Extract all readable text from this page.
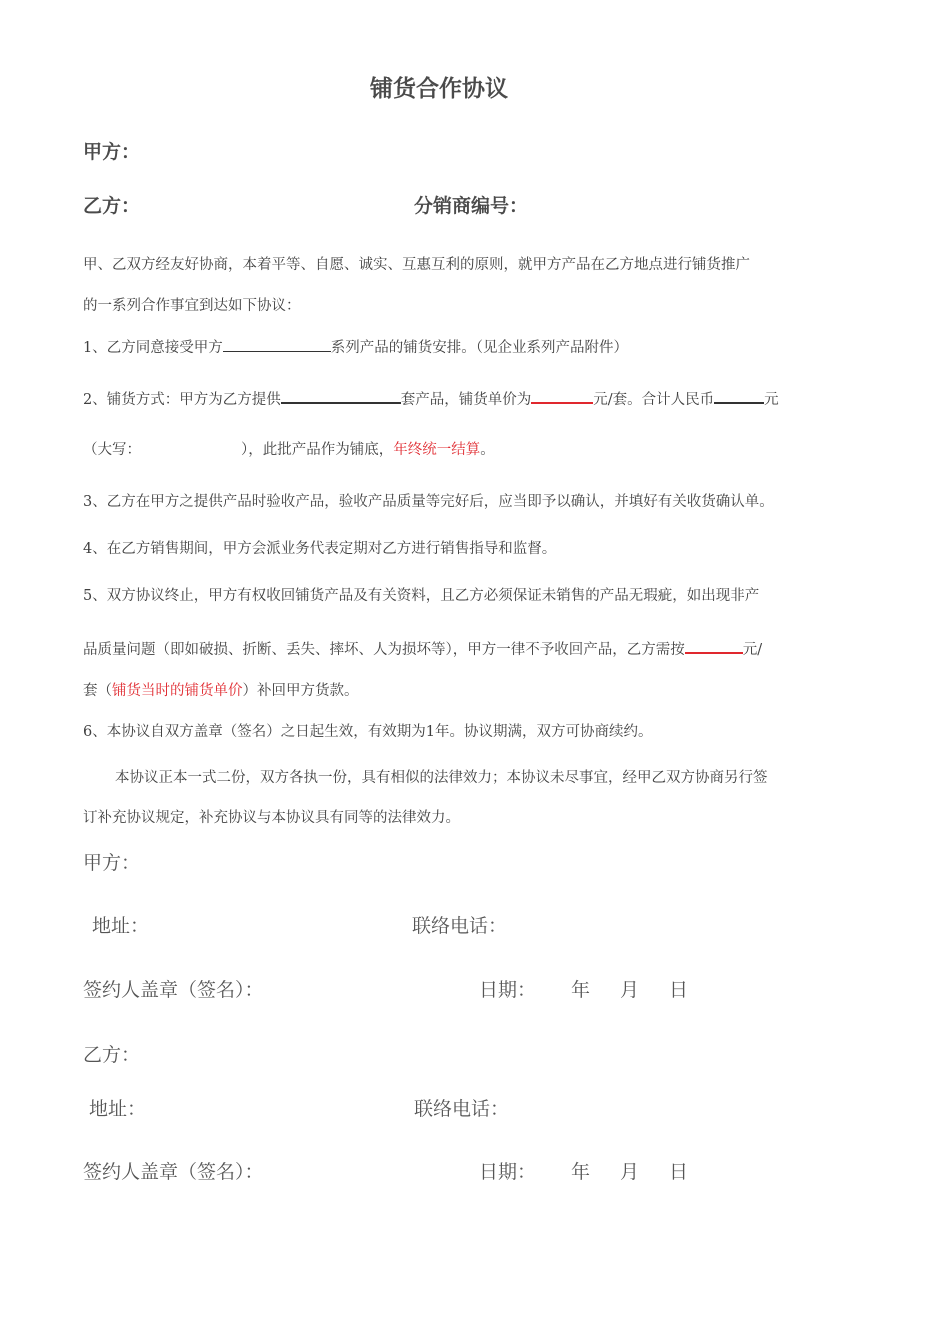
铺货合作协议
甲方：
乙方：	分销商编号：
甲、乙双方经友好协商，本着平等、自愿、诚实、互惠互利的原则，就甲方产品在乙方地点进行铺货推广
的一系列合作事宜到达如下协议：
1、乙方同意接受甲方	系列产品的铺货安排。（见企业系列产品附件）
2、铺货方式：甲方为乙方提供	套产品，铺货单价为	元/套。合计人民币	元
（大写：	），此批产品作为铺底，年终统一结算。
3、乙方在甲方之提供产品时验收产品，验收产品质量等完好后，应当即予以确认，并填好有关收货确认单。
4、在乙方销售期间，甲方会派业务代表定期对乙方进行销售指导和监督。
5、双方协议终止，甲方有权收回铺货产品及有关资料，且乙方必须保证未销售的产品无瑕疵，如出现非产
品质量问题（即如破损、折断、丢失、摔坏、人为损坏等），甲方一律不予收回产品，乙方需按	元/
套（铺货当时的铺货单价）补回甲方货款。
6、本协议自双方盖章（签名）之日起生效，有效期为1年。协议期满，双方可协商续约。
本协议正本一式二份，双方各执一份，具有相似的法律效力；本协议未尽事宜，经甲乙双方协商另行签
订补充协议规定，补充协议与本协议具有同等的法律效力。
甲方：
地址：	联络电话：
签约人盖章（签名）：	日期： 年 月 日
乙方：
地址：	联络电话：
签约人盖章（签名）：	日期： 年 月 日
